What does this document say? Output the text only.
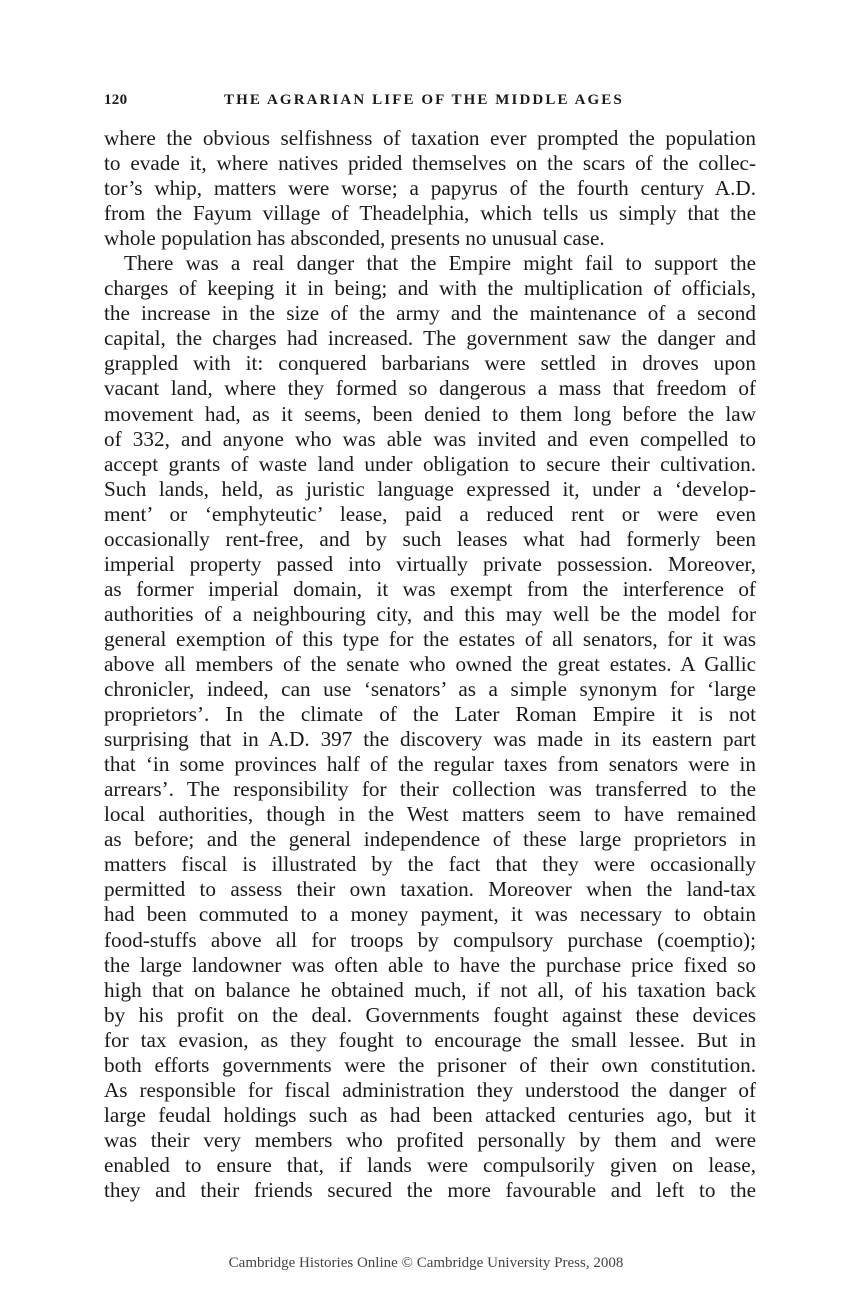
120	THE AGRARIAN LIFE OF THE MIDDLE AGES
where the obvious selfishness of taxation ever prompted the population
to evade it, where natives prided themselves on the scars of the collec-
tor’s whip, matters were worse; a papyrus of the fourth century A.D.
from the Fayum village of Theadelphia, which tells us simply that the
whole population has absconded, presents no unusual case.
There was a real danger that the Empire might fail to support the
charges of keeping it in being; and with the multiplication of officials,
the increase in the size of the army and the maintenance of a second
capital, the charges had increased. The government saw the danger and
grappled with it: conquered barbarians were settled in droves upon
vacant land, where they formed so dangerous a mass that freedom of
movement had, as it seems, been denied to them long before the law
of 332, and anyone who was able was invited and even compelled to
accept grants of waste land under obligation to secure their cultivation.
Such lands, held, as juristic language expressed it, under a ‘develop-
ment’ or ‘emphyteutic’ lease, paid a reduced rent or were even
occasionally rent-free, and by such leases what had formerly been
imperial property passed into virtually private possession. Moreover,
as former imperial domain, it was exempt from the interference of
authorities of a neighbouring city, and this may well be the model for
general exemption of this type for the estates of all senators, for it was
above all members of the senate who owned the great estates. A Gallic
chronicler, indeed, can use ‘senators’ as a simple synonym for ‘large
proprietors’. In the climate of the Later Roman Empire it is not
surprising that in A.D. 397 the discovery was made in its eastern part
that ‘in some provinces half of the regular taxes from senators were in
arrears’. The responsibility for their collection was transferred to the
local authorities, though in the West matters seem to have remained
as before; and the general independence of these large proprietors in
matters fiscal is illustrated by the fact that they were occasionally
permitted to assess their own taxation. Moreover when the land-tax
had been commuted to a money payment, it was necessary to obtain
food-stuffs above all for troops by compulsory purchase (coemptio);
the large landowner was often able to have the purchase price fixed so
high that on balance he obtained much, if not all, of his taxation back
by his profit on the deal. Governments fought against these devices
for tax evasion, as they fought to encourage the small lessee. But in
both efforts governments were the prisoner of their own constitution.
As responsible for fiscal administration they understood the danger of
large feudal holdings such as had been attacked centuries ago, but it
was their very members who profited personally by them and were
enabled to ensure that, if lands were compulsorily given on lease,
they and their friends secured the more favourable and left to the
Cambridge Histories Online © Cambridge University Press, 2008
